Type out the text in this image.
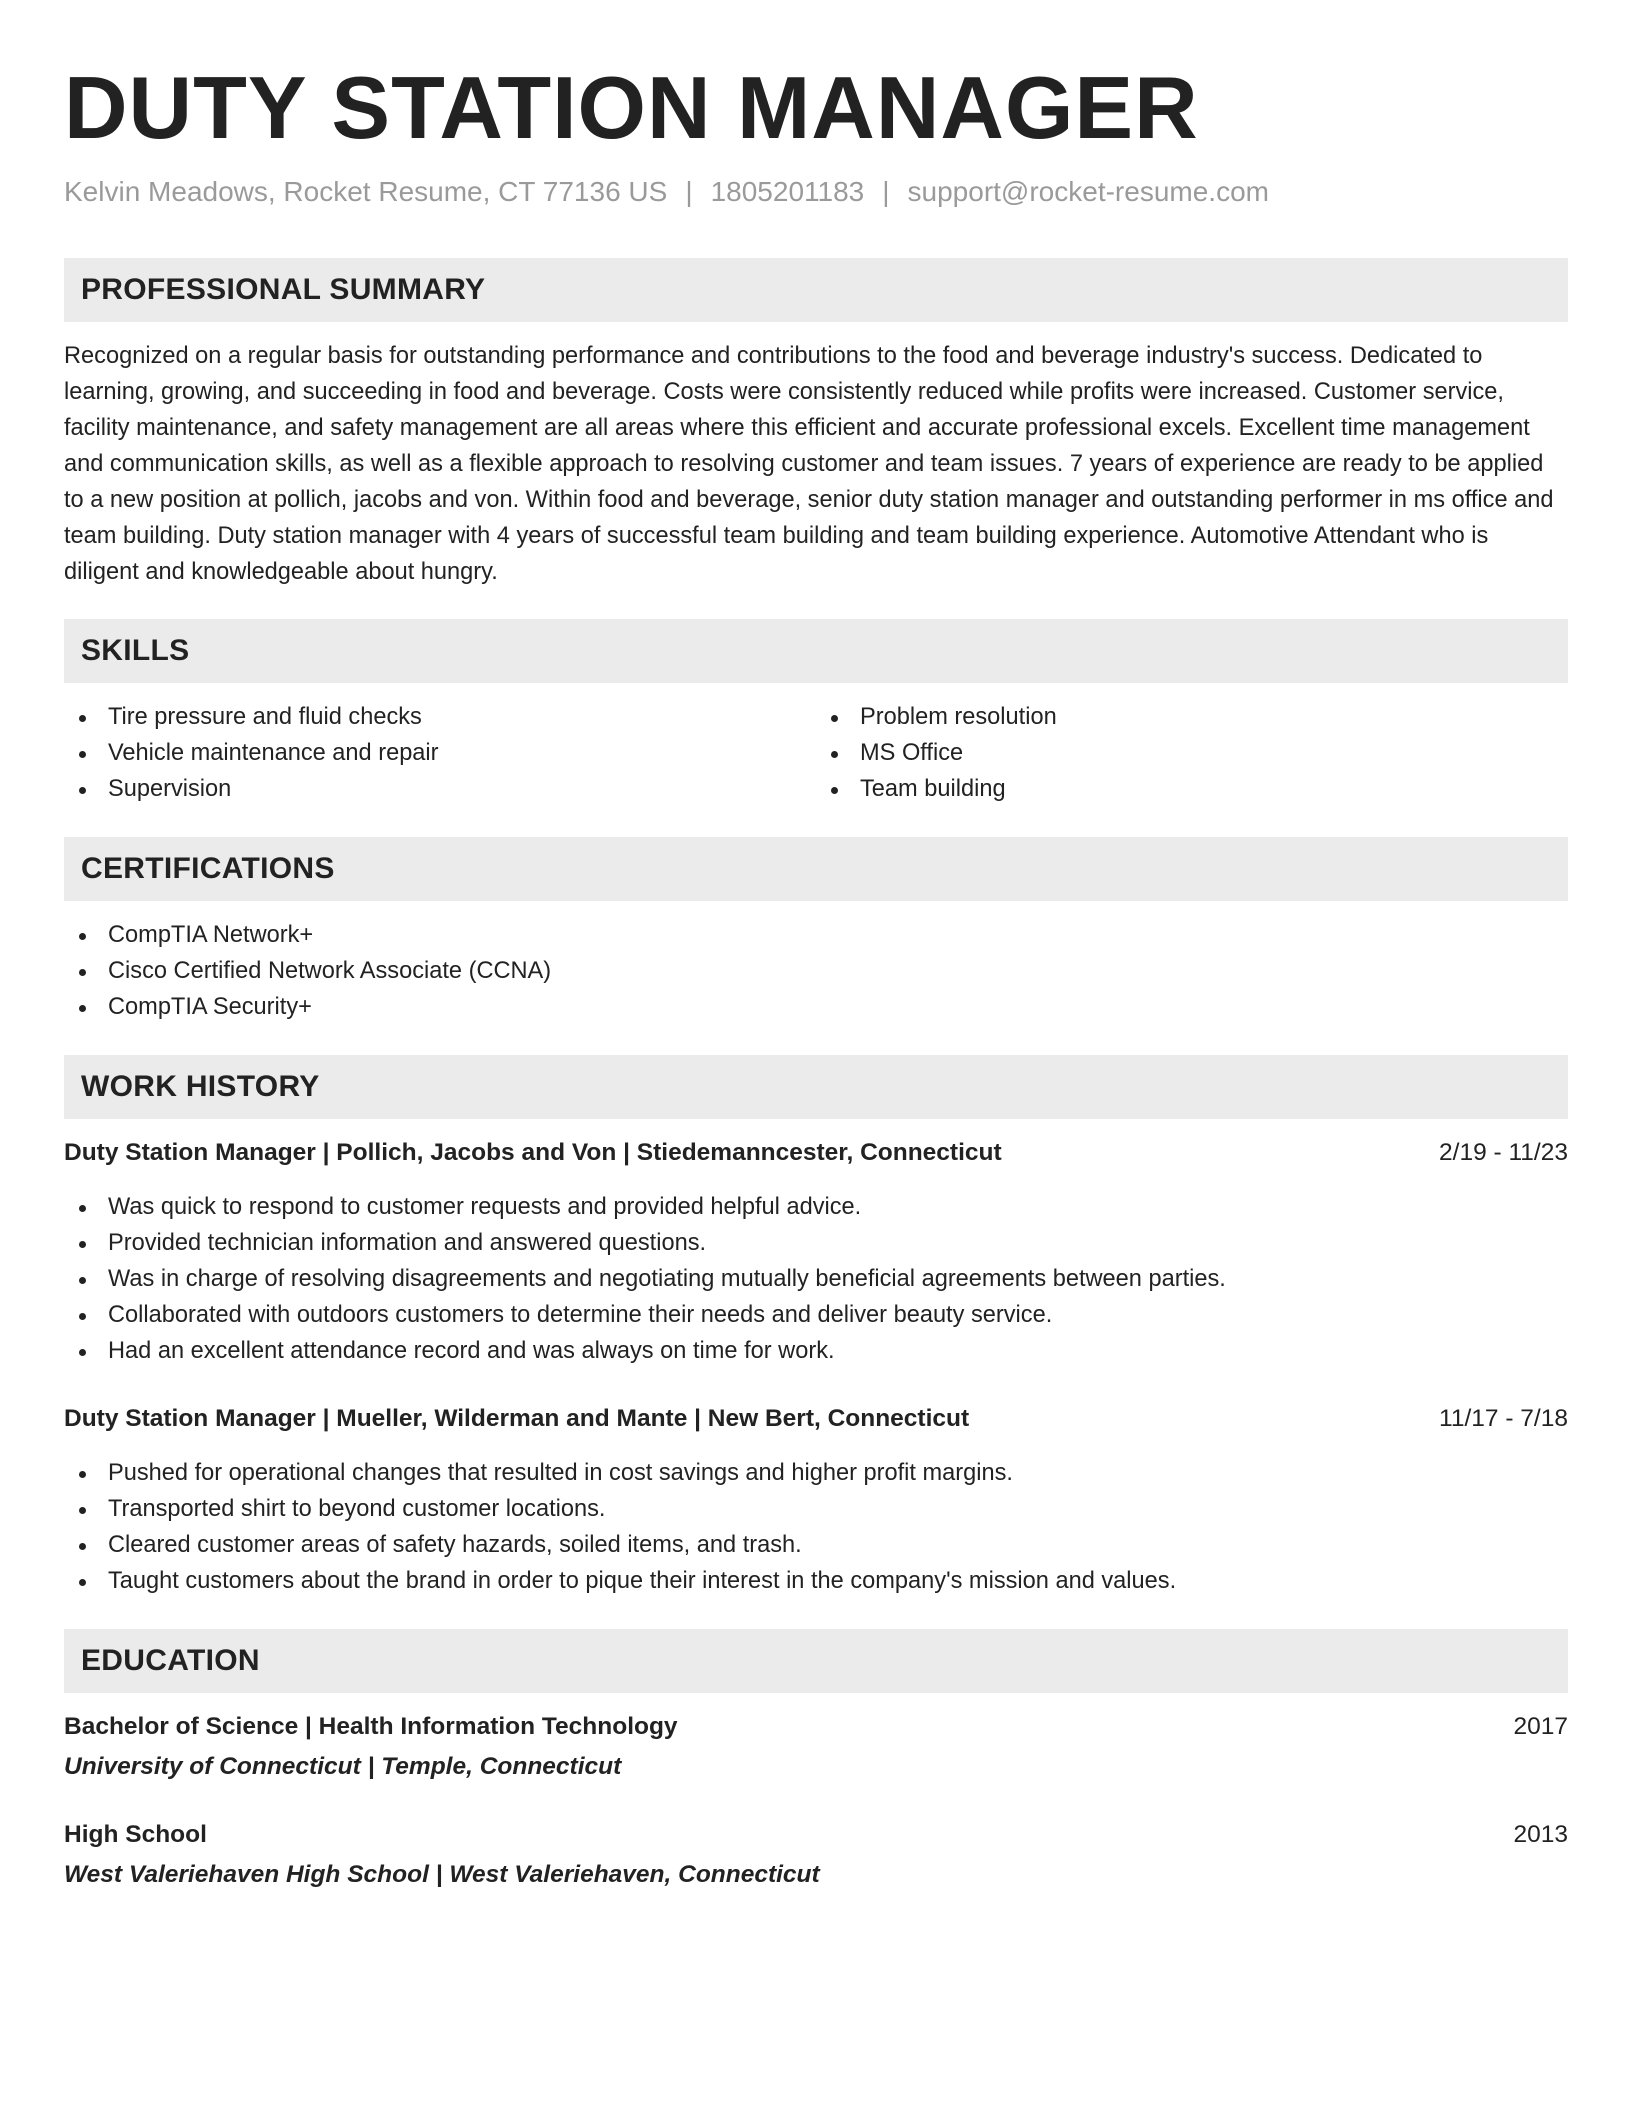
DUTY STATION MANAGER
Kelvin Meadows, Rocket Resume, CT 77136 US | 1805201183 | support@rocket-resume.com
PROFESSIONAL SUMMARY

Recognized on a regular basis for outstanding performance and contributions to the food and beverage industry's success. Dedicated to learning, growing, and succeeding in food and beverage. Costs were consistently reduced while profits were increased. Customer service, facility maintenance, and safety management are all areas where this efficient and accurate professional excels. Excellent time management and communication skills, as well as a flexible approach to resolving customer and team issues. 7 years of experience are ready to be applied to a new position at pollich, jacobs and von. Within food and beverage, senior duty station manager and outstanding performer in ms office and team building. Duty station manager with 4 years of successful team building and team building experience. Automotive Attendant who is diligent and knowledgeable about hungry.

SKILLS
Tire pressure and fluid checks
Vehicle maintenance and repair
Supervision
Problem resolution
MS Office
Team building
CERTIFICATIONS
CompTIA Network+
Cisco Certified Network Associate (CCNA)
CompTIA Security+
WORK HISTORY
Duty Station Manager | Pollich, Jacobs and Von | Stiedemanncester, Connecticut	2/19 - 11/23
Was quick to respond to customer requests and provided helpful advice.
Provided technician information and answered questions.
Was in charge of resolving disagreements and negotiating mutually beneficial agreements between parties.
Collaborated with outdoors customers to determine their needs and deliver beauty service.
Had an excellent attendance record and was always on time for work.
Duty Station Manager | Mueller, Wilderman and Mante | New Bert, Connecticut	11/17 - 7/18
Pushed for operational changes that resulted in cost savings and higher profit margins.
Transported shirt to beyond customer locations.
Cleared customer areas of safety hazards, soiled items, and trash.
Taught customers about the brand in order to pique their interest in the company's mission and values.
EDUCATION
Bachelor of Science | Health Information Technology	2017
University of Connecticut | Temple, Connecticut
High School	2013
West Valeriehaven High School | West Valeriehaven, Connecticut
